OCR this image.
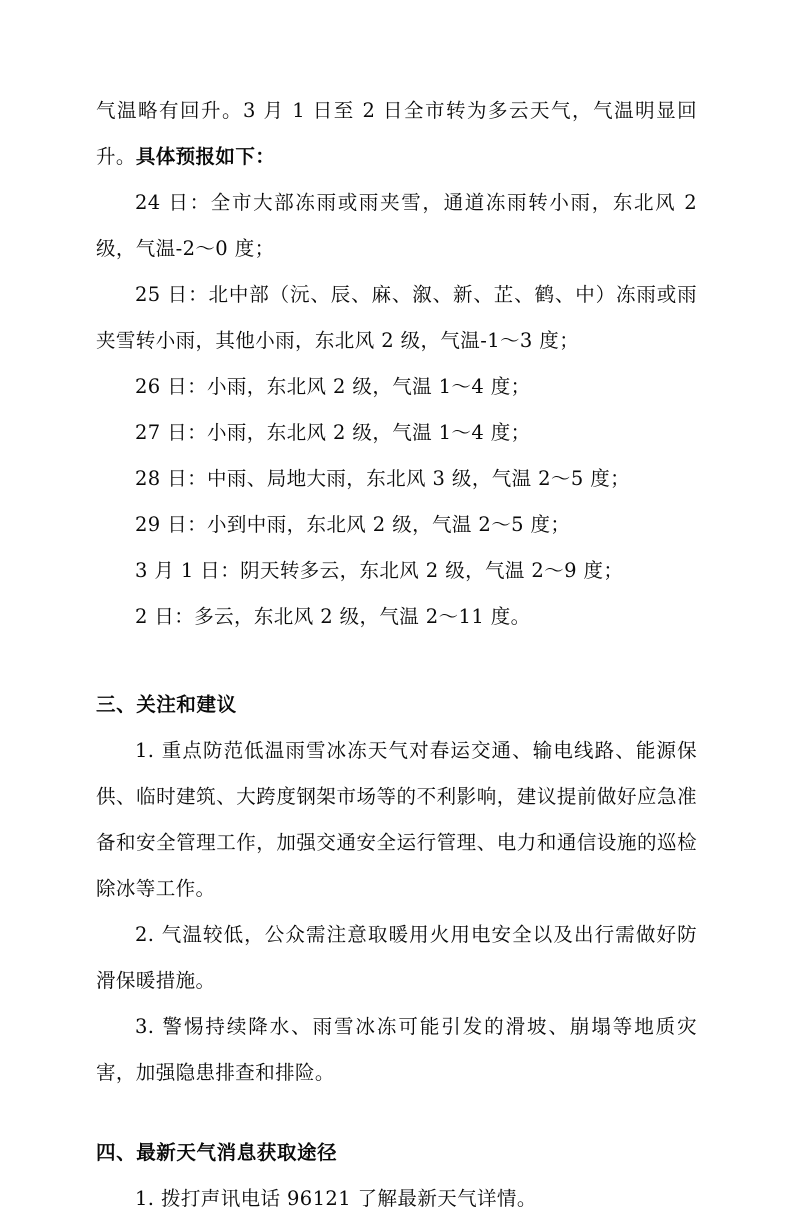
气温略有回升。3 月 1 日至 2 日全市转为多云天气，气温明显回升。具体预报如下：

24 日：全市大部冻雨或雨夹雪，通道冻雨转小雨，东北风 2 级，气温-2～0 度；

25 日：北中部（沅、辰、麻、溆、新、芷、鹤、中）冻雨或雨夹雪转小雨，其他小雨，东北风 2 级，气温-1～3 度；

26 日：小雨，东北风 2 级，气温 1～4 度；

27 日：小雨，东北风 2 级，气温 1～4 度；

28 日：中雨、局地大雨，东北风 3 级，气温 2～5 度；

29 日：小到中雨，东北风 2 级，气温 2～5 度；

3 月 1 日：阴天转多云，东北风 2 级，气温 2～9 度；

2 日：多云，东北风 2 级，气温 2～11 度。

三、关注和建议

1. 重点防范低温雨雪冰冻天气对春运交通、输电线路、能源保供、临时建筑、大跨度钢架市场等的不利影响，建议提前做好应急准备和安全管理工作，加强交通安全运行管理、电力和通信设施的巡检除冰等工作。

2. 气温较低，公众需注意取暖用火用电安全以及出行需做好防滑保暖措施。

3. 警惕持续降水、雨雪冰冻可能引发的滑坡、崩塌等地质灾害，加强隐患排查和排险。

四、最新天气消息获取途径

1. 拨打声讯电话 96121 了解最新天气详情。
